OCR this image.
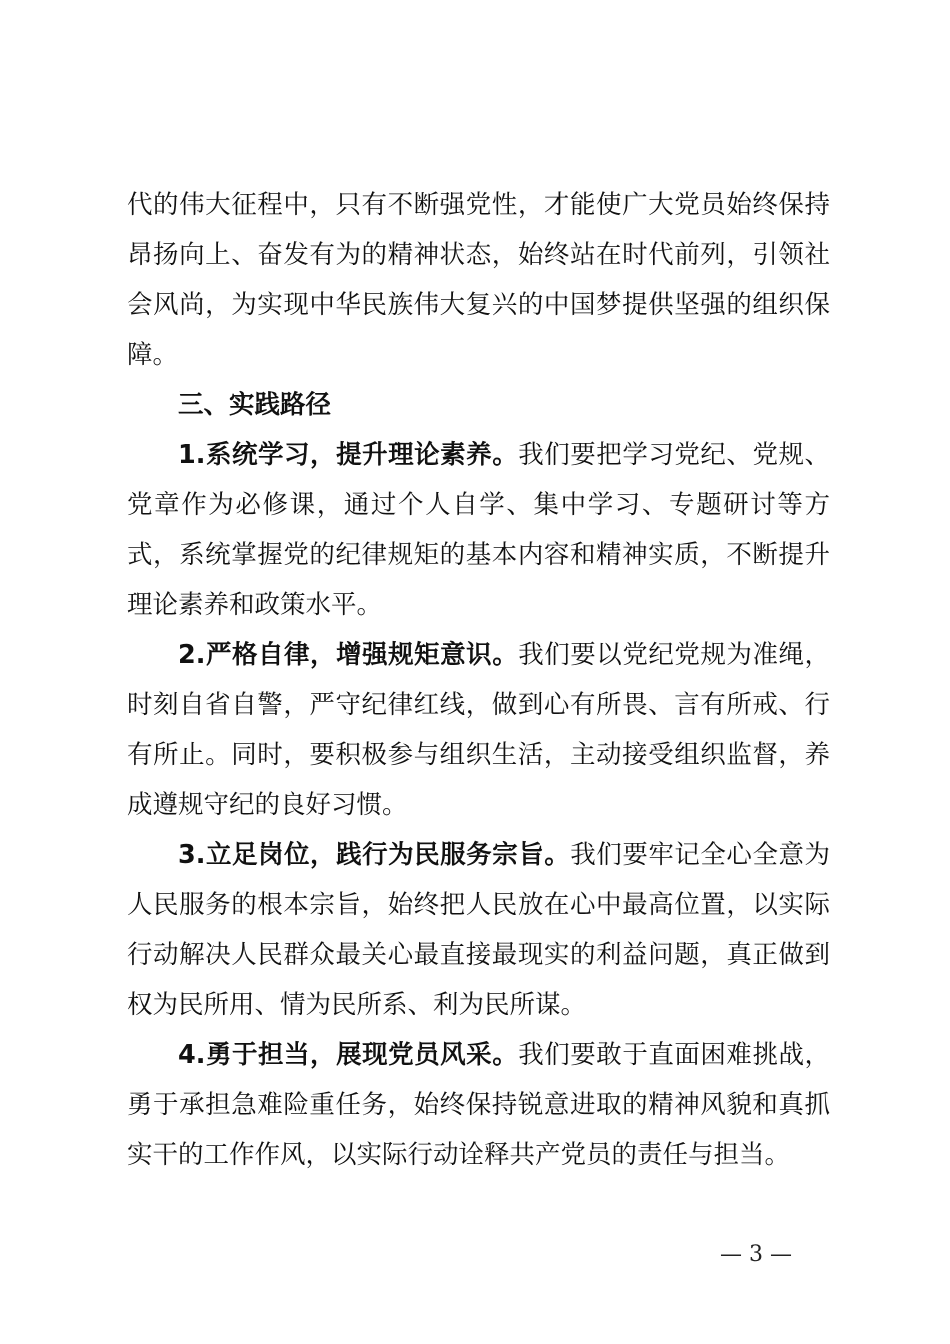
代的伟大征程中，只有不断强党性，才能使广大党员始终保持昂扬向上、奋发有为的精神状态，始终站在时代前列，引领社会风尚，为实现中华民族伟大复兴的中国梦提供坚强的组织保障。

三、实践路径

1.系统学习，提升理论素养。我们要把学习党纪、党规、党章作为必修课，通过个人自学、集中学习、专题研讨等方式，系统掌握党的纪律规矩的基本内容和精神实质，不断提升理论素养和政策水平。

2.严格自律，增强规矩意识。我们要以党纪党规为准绳，时刻自省自警，严守纪律红线，做到心有所畏、言有所戒、行有所止。同时，要积极参与组织生活，主动接受组织监督，养成遵规守纪的良好习惯。

3.立足岗位，践行为民服务宗旨。我们要牢记全心全意为人民服务的根本宗旨，始终把人民放在心中最高位置，以实际行动解决人民群众最关心最直接最现实的利益问题，真正做到权为民所用、情为民所系、利为民所谋。

4.勇于担当，展现党员风采。我们要敢于直面困难挑战，勇于承担急难险重任务，始终保持锐意进取的精神风貌和真抓实干的工作作风，以实际行动诠释共产党员的责任与担当。

— 3 —
